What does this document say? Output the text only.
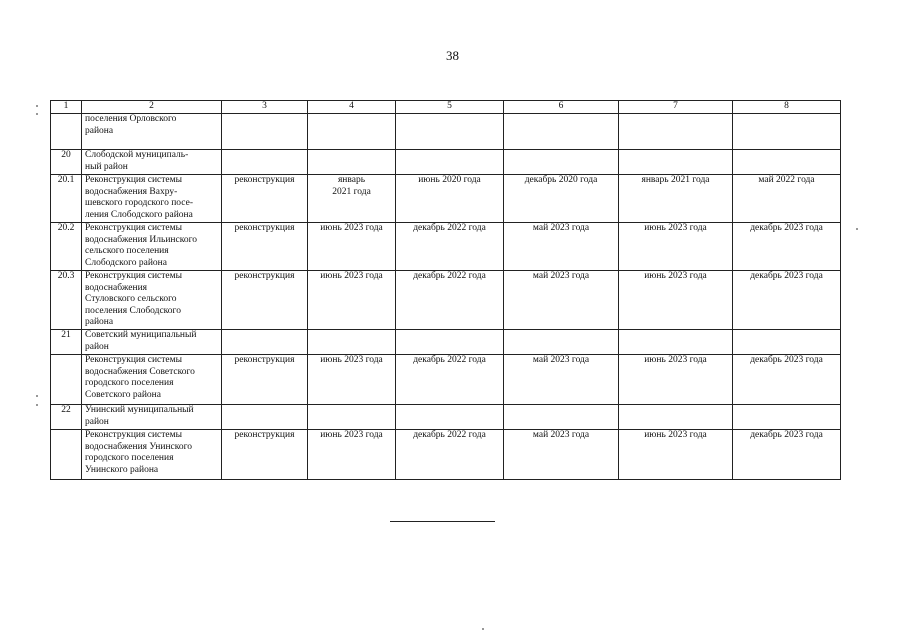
38
1	2	3	4	5	6	7	8
	поселения Орловского
района						
20	Слободской муниципаль-
ный район						
20.1	Реконструкция системы
водоснабжения Вахру-
шевского городского посе-
ления Слободского района	реконструкция	январь
2021 года	июнь 2020 года	декабрь 2020 года	январь 2021 года	май 2022 года
20.2	Реконструкция системы
водоснабжения Ильинского
сельского поселения
Слободского района	реконструкция	июнь 2023 года	декабрь 2022 года	май 2023 года	июнь 2023 года	декабрь 2023 года
20.3	Реконструкция системы
водоснабжения
Стуловского сельского
поселения Слободского
района	реконструкция	июнь 2023 года	декабрь 2022 года	май 2023 года	июнь 2023 года	декабрь 2023 года
21	Советский муниципальный
район						
	Реконструкция системы
водоснабжения Советского
городского поселения
Советского района	реконструкция	июнь 2023 года	декабрь 2022 года	май 2023 года	июнь 2023 года	декабрь 2023 года
22	Унинский муниципальный
район						
	Реконструкция системы
водоснабжения Унинского
городского поселения
Унинского района	реконструкция	июнь 2023 года	декабрь 2022 года	май 2023 года	июнь 2023 года	декабрь 2023 года
